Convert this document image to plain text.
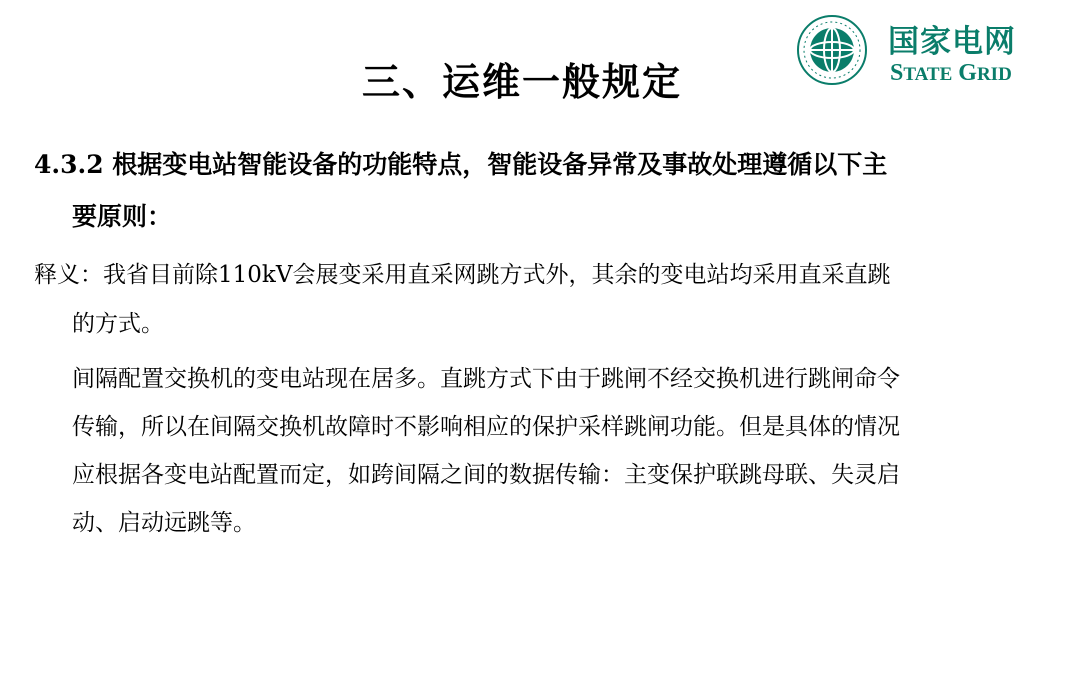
国家电网
STATE GRID
三、运维一般规定
4.3.2 根据变电站智能设备的功能特点，智能设备异常及事故处理遵循以下主
要原则：
释义：我省目前除110kV会展变采用直采网跳方式外，其余的变电站均采用直采直跳
的方式。
间隔配置交换机的变电站现在居多。直跳方式下由于跳闸不经交换机进行跳闸命令
传输，所以在间隔交换机故障时不影响相应的保护采样跳闸功能。但是具体的情况
应根据各变电站配置而定，如跨间隔之间的数据传输：主变保护联跳母联、失灵启
动、启动远跳等。
